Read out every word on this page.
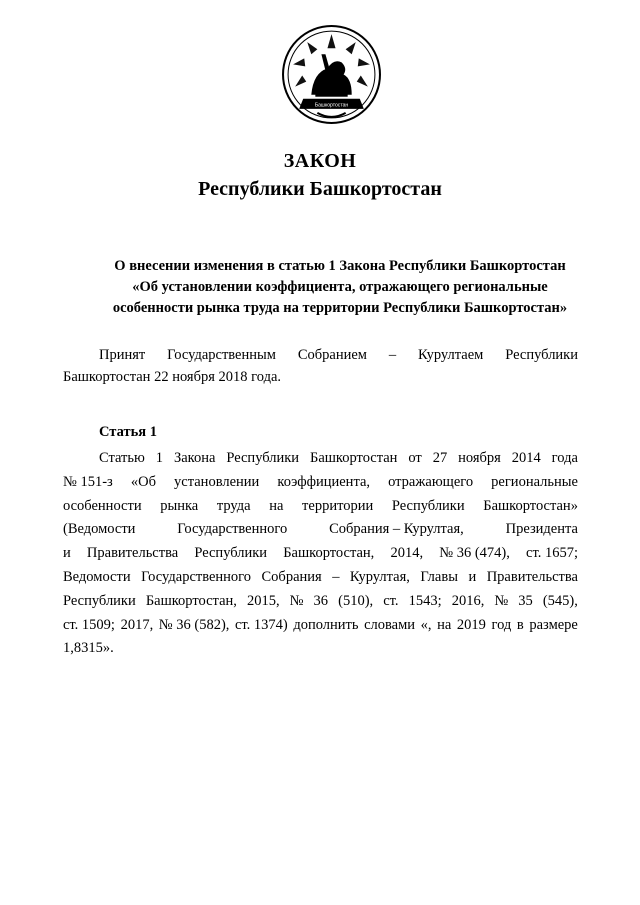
Башкортостан
ЗАКОН
Республики Башкортостан
О внесении изменения в статью 1 Закона Республики Башкортостан
«Об установлении коэффициента, отражающего региональные
особенности рынка труда на территории Республики Башкортостан»
Принят Государственным Собранием – Курултаем Республики
Башкортостан 22 ноября 2018 года.
Статья 1
Статью 1 Закона Республики Башкортостан от 27 ноября 2014 года
№ 151-з «Об установлении коэффициента, отражающего региональные
особенности рынка труда на территории Республики Башкортостан»
(Ведомости	Государственного	Собрания – Курултая,	Президента
и Правительства Республики Башкортостан, 2014, № 36 (474), ст. 1657;
Ведомости Государственного Собрания – Курултая, Главы и Правительства
Республики Башкортостан, 2015, № 36 (510), ст. 1543; 2016, № 35 (545),
ст. 1509; 2017, № 36 (582), ст. 1374) дополнить словами «, на 2019 год в размере
1,8315».
